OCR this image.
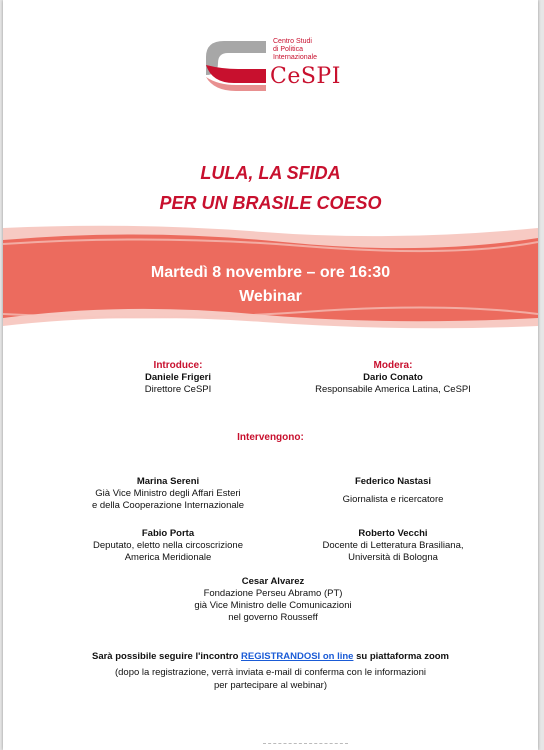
Centro Studi
di Politica
Internazionale
CeSPI
LULA, LA SFIDA
PER UN BRASILE COESO
Martedì 8 novembre – ore 16:30
Webinar
Introduce:
Daniele Frigeri
Direttore CeSPI
Modera:
Dario Conato
Responsabile America Latina, CeSPI
Intervengono:
Marina Sereni
Già Vice Ministro degli Affari Esteri
e della Cooperazione Internazionale
Federico Nastasi
Giornalista e ricercatore
Fabio Porta
Deputato, eletto nella circoscrizione
America Meridionale
Roberto Vecchi
Docente di Letteratura Brasiliana,
Università di Bologna
Cesar Alvarez
Fondazione Perseu Abramo (PT)
già Vice Ministro delle Comunicazioni
nel governo Rousseff
Sarà possibile seguire l'incontro REGISTRANDOSI on line su piattaforma zoom
(dopo la registrazione, verrà inviata e-mail di conferma con le informazioni
per partecipare al webinar)
